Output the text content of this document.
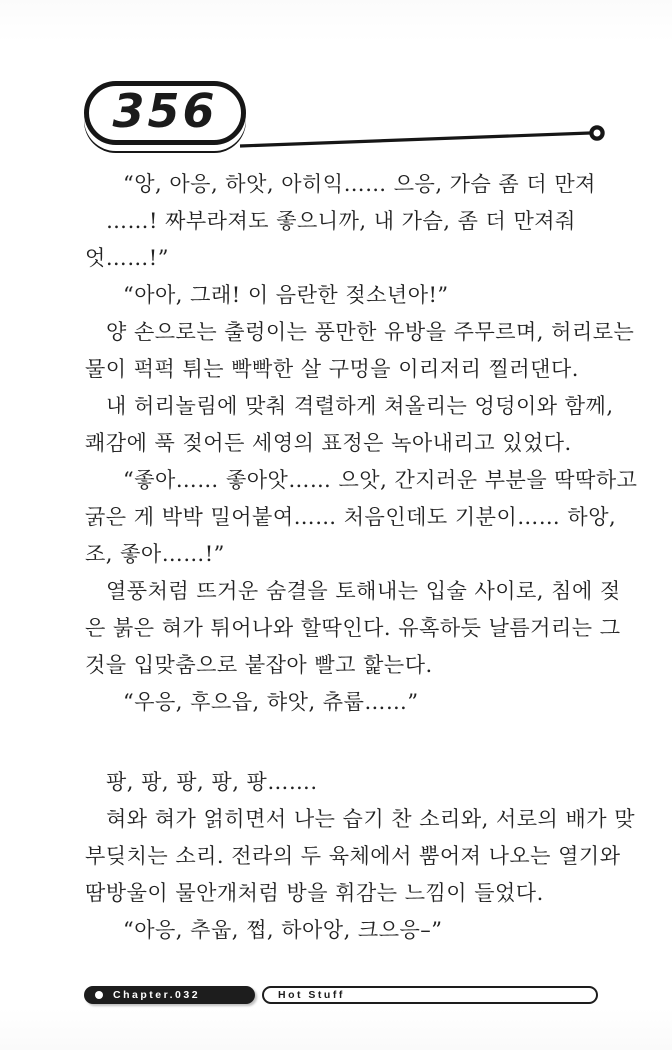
356

“앙, 아응, 하앗, 아히익…… 으응, 가슴 좀 더 만져

……! 짜부라져도 좋으니까, 내 가슴, 좀 더 만져줘

엇……!”

“아아, 그래! 이 음란한 젖소년아!”

양 손으로는 출렁이는 풍만한 유방을 주무르며, 허리로는

물이 퍽퍽 튀는 빡빡한 살 구멍을 이리저리 찔러댄다.

내 허리놀림에 맞춰 격렬하게 쳐올리는 엉덩이와 함께,

쾌감에 푹 젖어든 세영의 표정은 녹아내리고 있었다.

“좋아…… 좋아앗…… 으앗, 간지러운 부분을 딱딱하고

굵은 게 박박 밀어붙여…… 처음인데도 기분이…… 하앙,

조, 좋아……!”

열풍처럼 뜨거운 숨결을 토해내는 입술 사이로, 침에 젖

은 붉은 혀가 튀어나와 할딱인다. 유혹하듯 날름거리는 그

것을 입맞춤으로 붙잡아 빨고 핥는다.

“우응, 후으읍, 햐앗, 츄룹……”

팡, 팡, 팡, 팡, 팡…….

혀와 혀가 얽히면서 나는 습기 찬 소리와, 서로의 배가 맞

부딪치는 소리. 전라의 두 육체에서 뿜어져 나오는 열기와

땀방울이 물안개처럼 방을 휘감는 느낌이 들었다.

“아응, 추웁, 쩝, 하아앙, 크으응–”

Chapter.032	Hot Stuff
